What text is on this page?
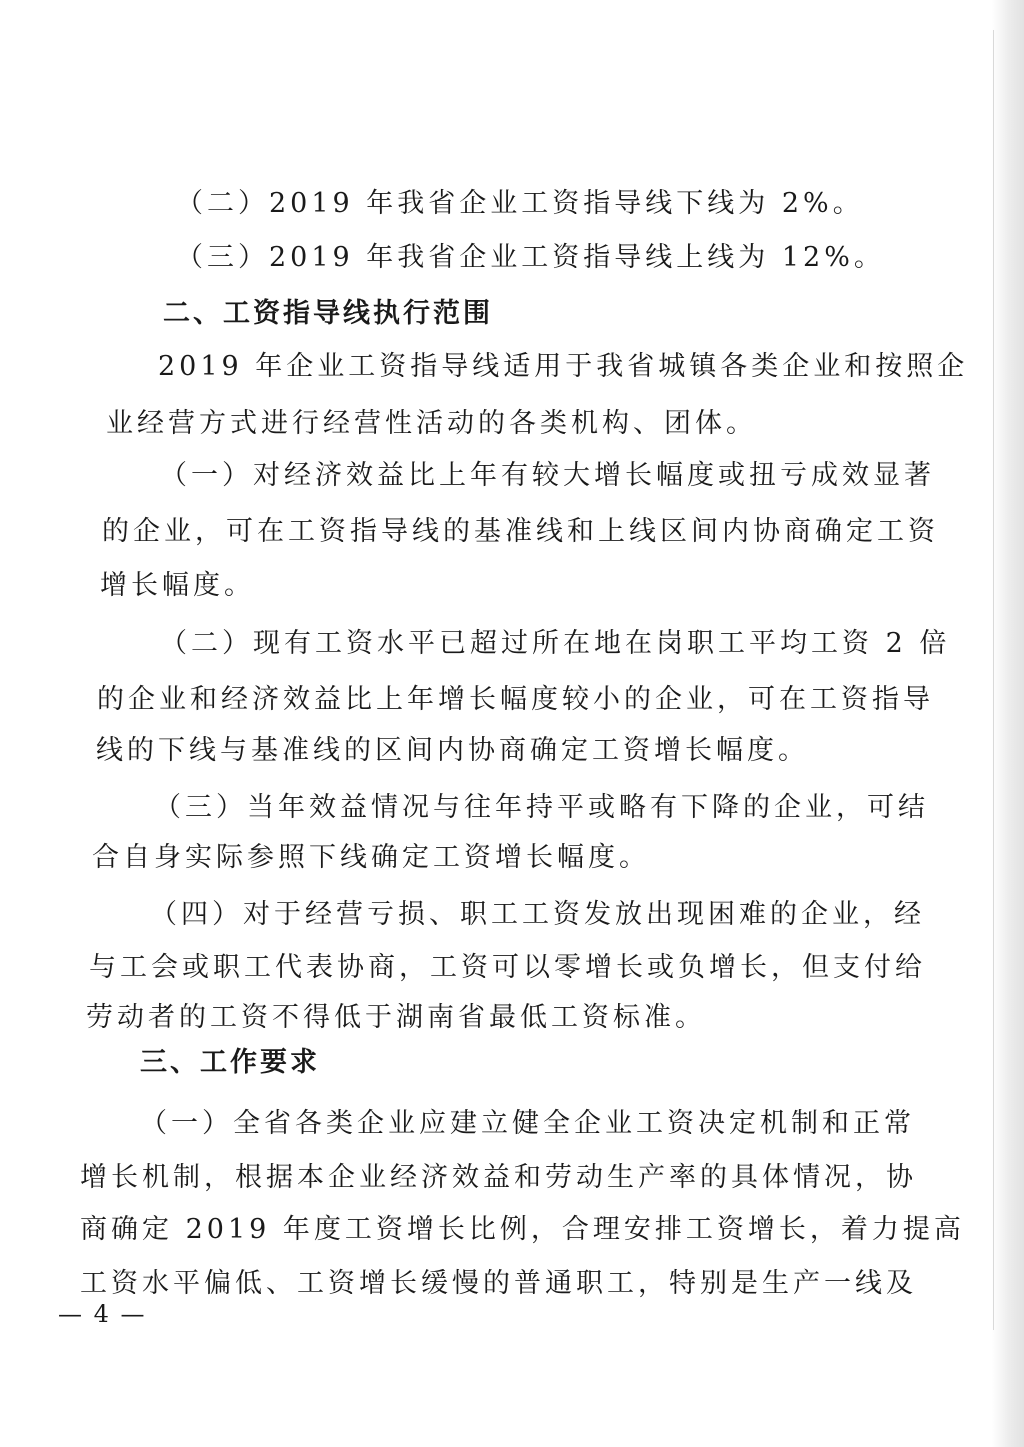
（二）2019 年我省企业工资指导线下线为 2%。
（三）2019 年我省企业工资指导线上线为 12%。
二、工资指导线执行范围
2019 年企业工资指导线适用于我省城镇各类企业和按照企
业经营方式进行经营性活动的各类机构、团体。
（一）对经济效益比上年有较大增长幅度或扭亏成效显著
的企业，可在工资指导线的基准线和上线区间内协商确定工资
增长幅度。
（二）现有工资水平已超过所在地在岗职工平均工资 2 倍
的企业和经济效益比上年增长幅度较小的企业，可在工资指导
线的下线与基准线的区间内协商确定工资增长幅度。
（三）当年效益情况与往年持平或略有下降的企业，可结
合自身实际参照下线确定工资增长幅度。
（四）对于经营亏损、职工工资发放出现困难的企业，经
与工会或职工代表协商，工资可以零增长或负增长，但支付给
劳动者的工资不得低于湖南省最低工资标准。
三、工作要求
（一）全省各类企业应建立健全企业工资决定机制和正常
增长机制，根据本企业经济效益和劳动生产率的具体情况，协
商确定 2019 年度工资增长比例，合理安排工资增长，着力提高
工资水平偏低、工资增长缓慢的普通职工，特别是生产一线及
— 4 —
